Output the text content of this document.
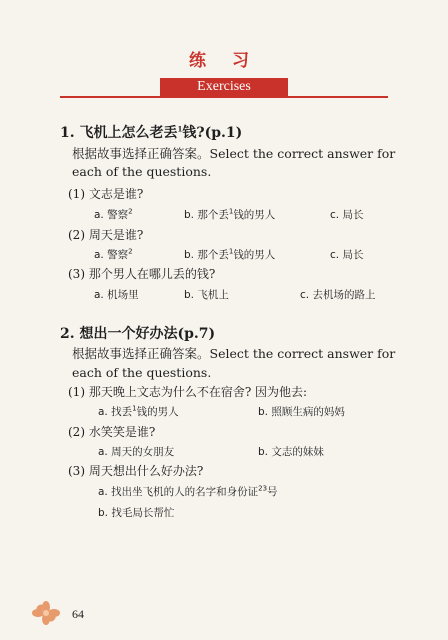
练 习
Exercises
1. 飞机上怎么老丢$^1$钱?(p.1)
根据故事选择正确答案。Select the correct answer for
each of the questions.
(1) 文志是谁?
a. 警察$^2$	b. 那个丢$^1$钱的男人	c. 局长
(2) 周天是谁?
a. 警察$^2$	b. 那个丢$^1$钱的男人	c. 局长
(3) 那个男人在哪儿丢的钱?
a. 机场里	b. 飞机上	c. 去机场的路上
2. 想出一个好办法(p.7)
根据故事选择正确答案。Select the correct answer for
each of the questions.
(1) 那天晚上文志为什么不在宿舍? 因为他去:
a. 找丢$^1$钱的男人	b. 照顾生病的妈妈
(2) 水笑笑是谁?
a. 周天的女朋友	b. 文志的妹妹
(3) 周天想出什么好办法?
a. 找出坐飞机的人的名字和身份证$^{23}$号
b. 找毛局长帮忙
64
